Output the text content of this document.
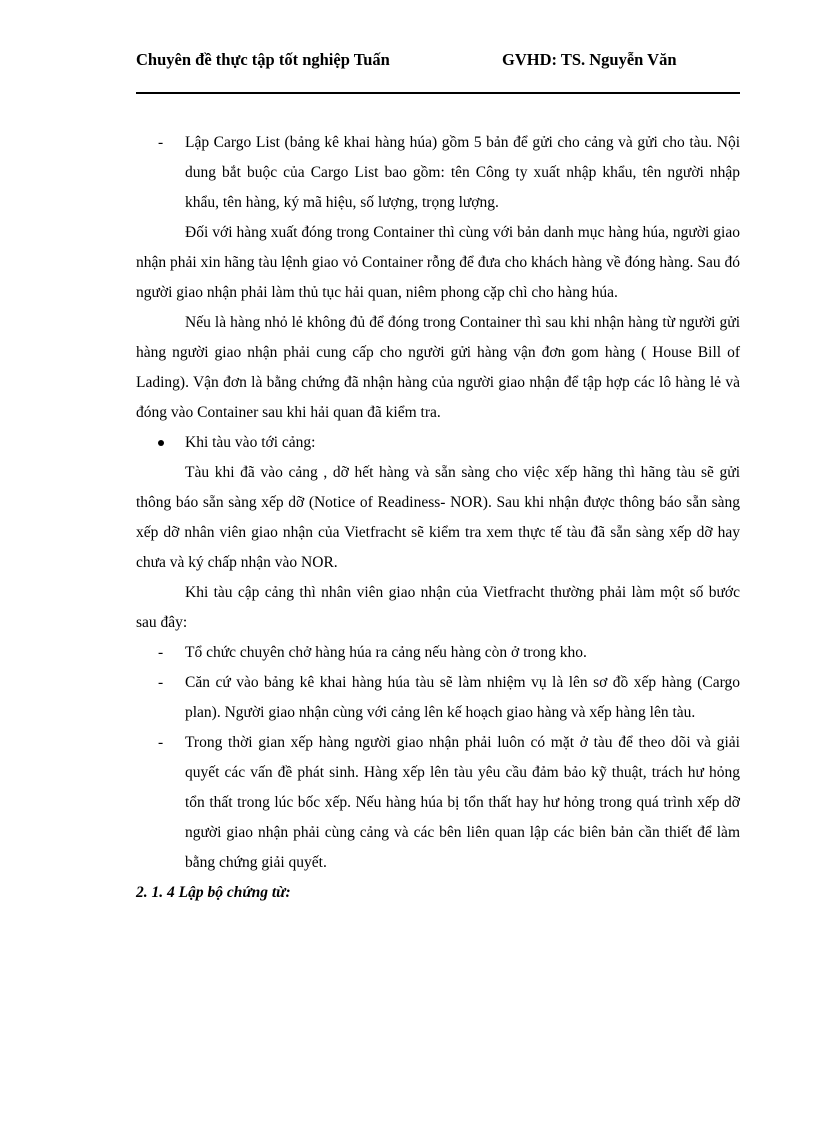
Chuyên đề thực tập tốt nghiệp Tuấn	GVHD: TS. Nguyễn Văn
- Lập Cargo List (bảng kê khai hàng húa) gồm 5 bản để gửi cho cảng và gửi cho tàu. Nội dung bắt buộc của Cargo List bao gồm: tên Công ty xuất nhập khẩu, tên người nhập khẩu, tên hàng, ký mã hiệu, số lượng, trọng lượng.

Đối với hàng xuất đóng trong Container thì cùng với bản danh mục hàng húa, người giao nhận phải xin hãng tàu lệnh giao vỏ Container rỗng để đưa cho khách hàng về đóng hàng. Sau đó người giao nhận phải làm thủ tục hải quan, niêm phong cặp chì cho hàng húa.

Nếu là hàng nhỏ lẻ không đủ để đóng trong Container thì sau khi nhận hàng từ người gửi hàng người giao nhận phải cung cấp cho người gửi hàng vận đơn gom hàng ( House Bill of Lading). Vận đơn là bằng chứng đã nhận hàng của người giao nhận để tập hợp các lô hàng lẻ và đóng vào Container sau khi hải quan đã kiểm tra.

Khi tàu vào tới cảng:

Tàu khi đã vào cảng , dỡ hết hàng và sẵn sàng cho việc xếp hãng thì hãng tàu sẽ gửi thông báo sẵn sàng xếp dỡ (Notice of Readiness- NOR). Sau khi nhận được thông báo sẵn sàng xếp dỡ nhân viên giao nhận của Vietfracht sẽ kiểm tra xem thực tế tàu đã sẵn sàng xếp dỡ hay chưa và ký chấp nhận vào NOR.

Khi tàu cập cảng thì nhân viên giao nhận của Vietfracht thường phải làm một số bước sau đây:

- Tổ chức chuyên chở hàng húa ra cảng nếu hàng còn ở trong kho.
- Căn cứ vào bảng kê khai hàng húa tàu sẽ làm nhiệm vụ là lên sơ đồ xếp hàng (Cargo plan). Người giao nhận cùng với cảng lên kế hoạch giao hàng và xếp hàng lên tàu.
- Trong thời gian xếp hàng người giao nhận phải luôn có mặt ở tàu để theo dõi và giải quyết các vấn đề phát sinh. Hàng xếp lên tàu yêu cầu đảm bảo kỹ thuật, trách hư hỏng tổn thất trong lúc bốc xếp. Nếu hàng húa bị tổn thất hay hư hỏng trong quá trình xếp dỡ người giao nhận phải cùng cảng và các bên liên quan lập các biên bản cần thiết để làm bằng chứng giải quyết.

2. 1. 4 Lập bộ chứng từ:
